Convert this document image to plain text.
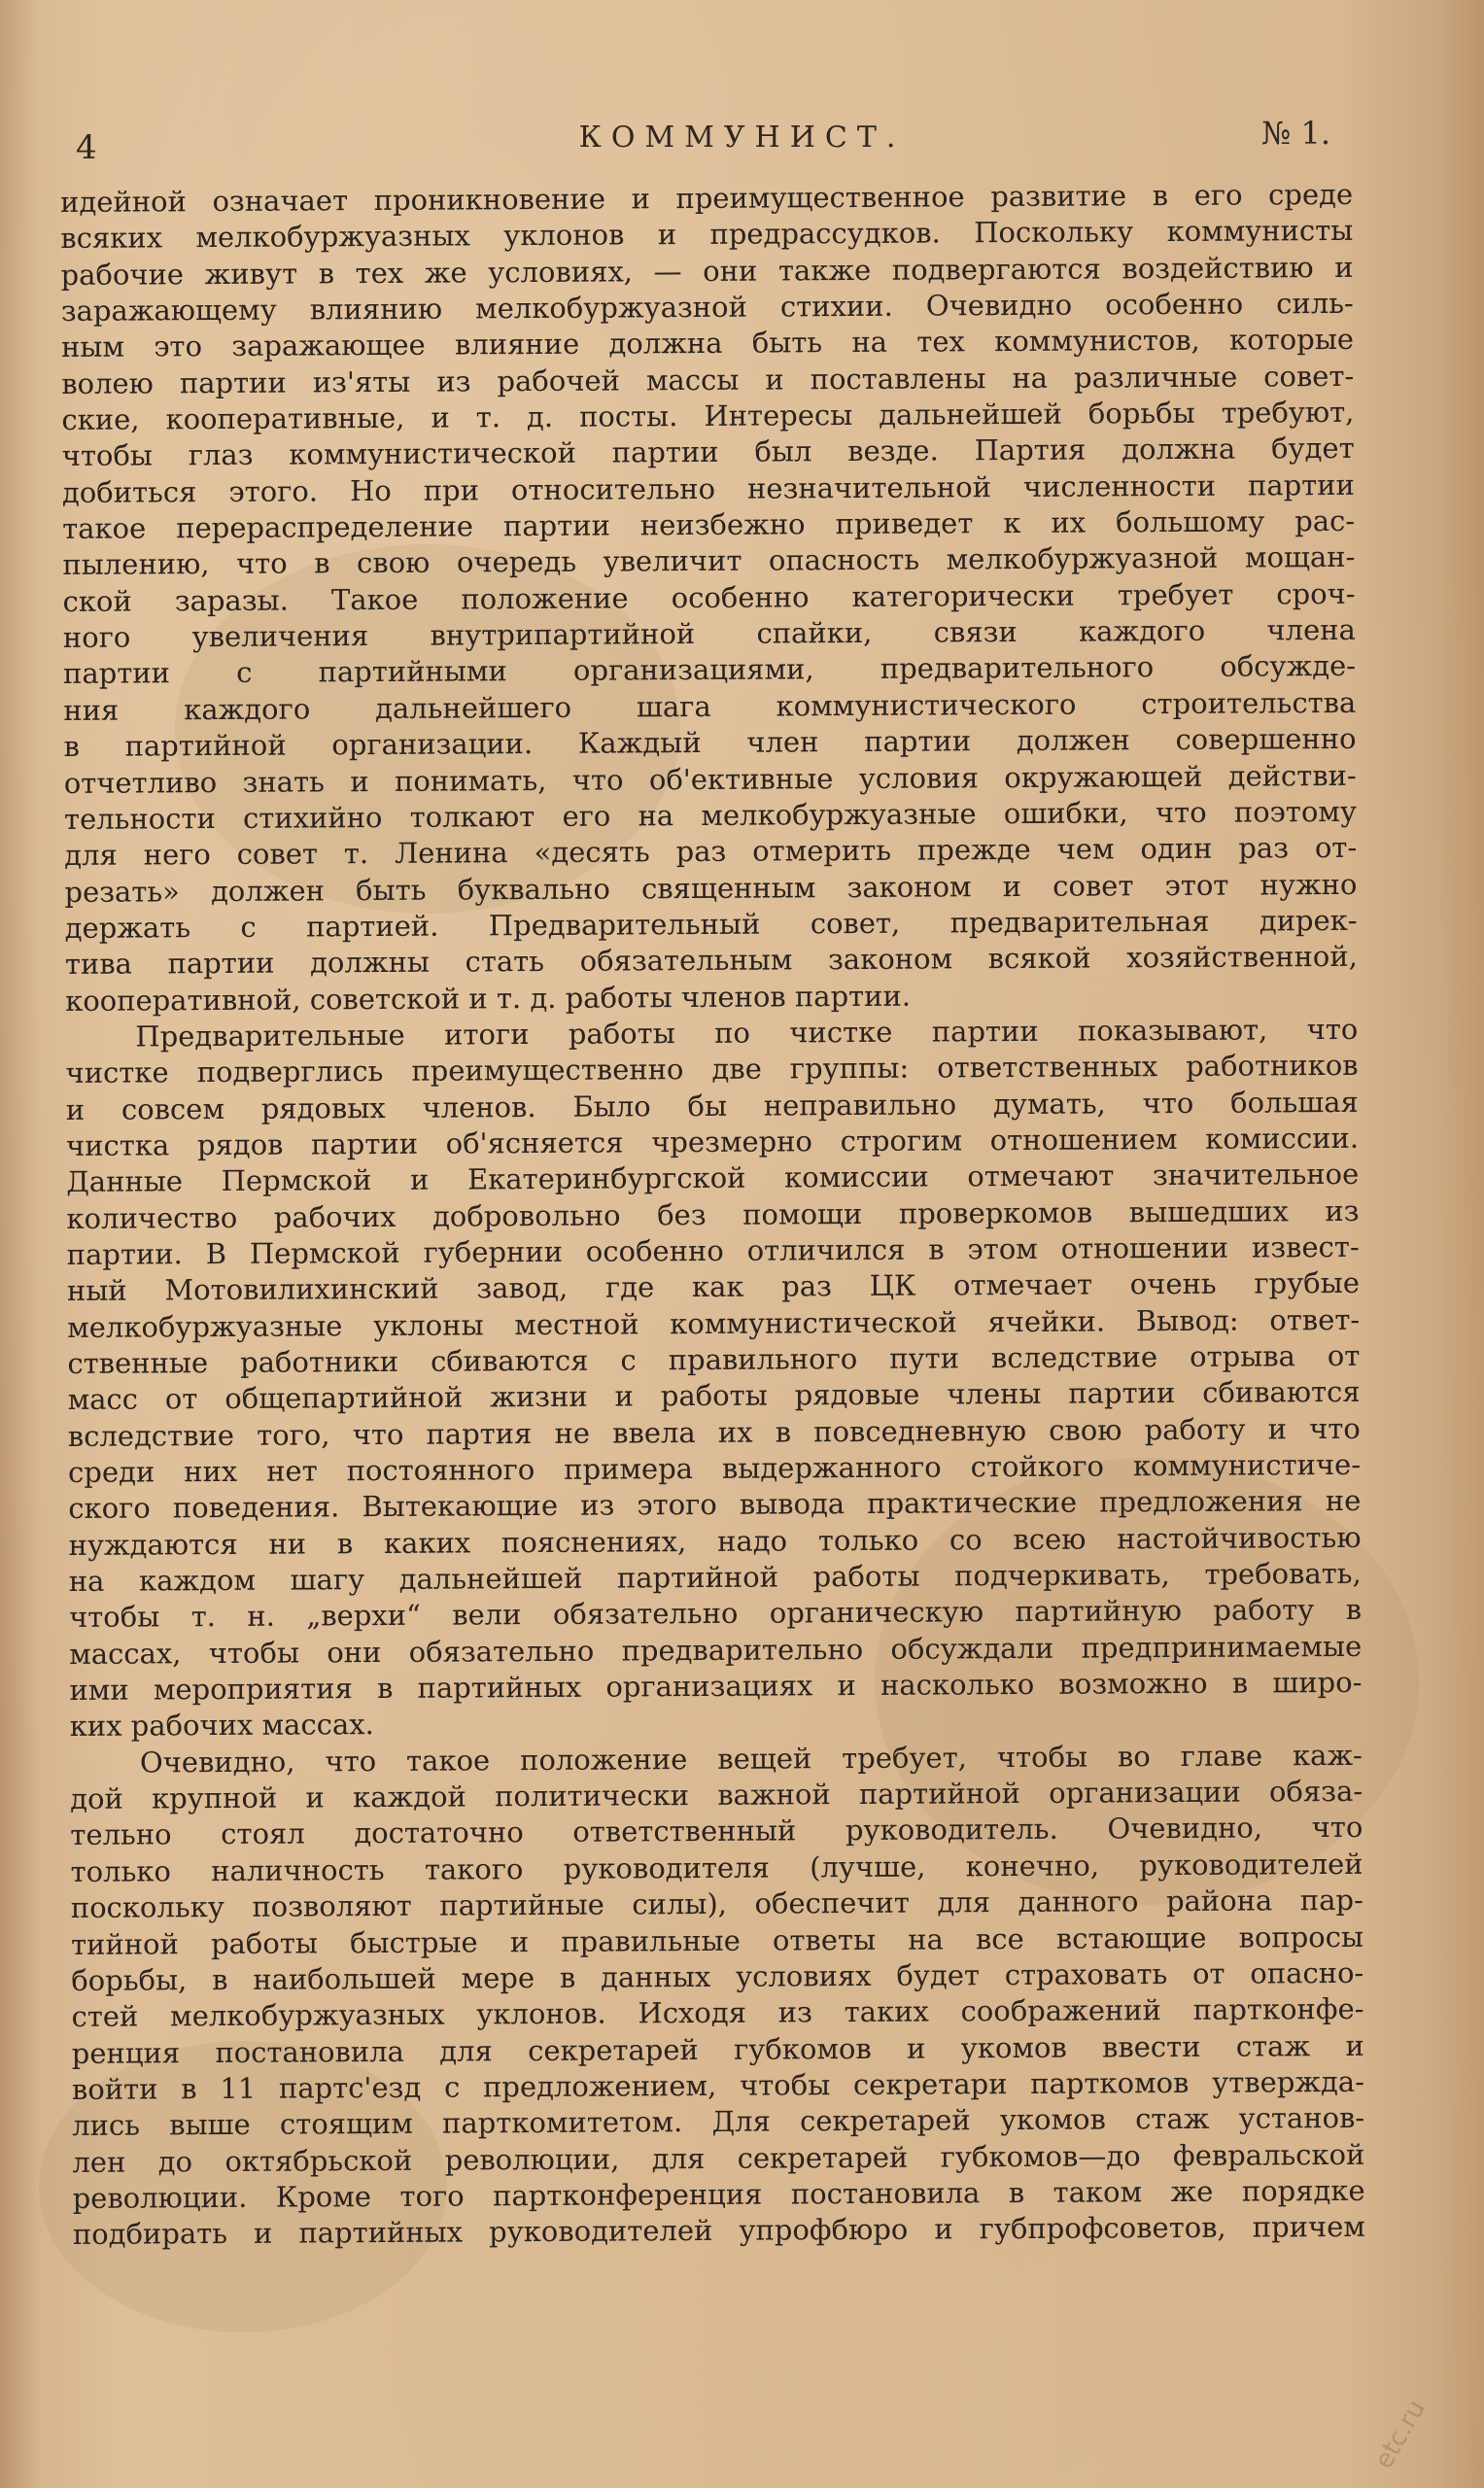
4	КОММУНИСТ.	№ 1.
идейной означает проникновение и преимущественное развитие в его среде
всяких мелкобуржуазных уклонов и предрассудков. Поскольку коммунисты
рабочие живут в тех же условиях, — они также подвергаются воздействию и
заражающему влиянию мелкобуржуазной стихии. Очевидно особенно силь-
ным это заражающее влияние должна быть на тех коммунистов, которые
волею партии из'яты из рабочей массы и поставлены на различные совет-
ские, кооперативные, и т. д. посты. Интересы дальнейшей борьбы требуют,
чтобы глаз коммунистической партии был везде. Партия должна будет
добиться этого. Но при относительно незначительной численности партии
такое перераспределение партии неизбежно приведет к их большому рас-
пылению, что в свою очередь увеличит опасность мелкобуржуазной мощан-
ской заразы. Такое положение особенно категорически требует сроч-
ного увеличения внутрипартийной спайки, связи каждого члена
партии с партийными организациями, предварительного обсужде-
ния каждого дальнейшего шага коммунистического строительства
в партийной организации. Каждый член партии должен совершенно
отчетливо знать и понимать, что об'ективные условия окружающей действи-
тельности стихийно толкают его на мелкобуржуазные ошибки, что поэтому
для него совет т. Ленина «десять раз отмерить прежде чем один раз от-
резать» должен быть буквально священным законом и совет этот нужно
держать с партией. Предварительный совет, предварительная дирек-
тива партии должны стать обязательным законом всякой хозяйственной,
кооперативной, советской и т. д. работы членов партии.
Предварительные итоги работы по чистке партии показывают, что
чистке подверглись преимущественно две группы: ответственных работников
и совсем рядовых членов. Было бы неправильно думать, что большая
чистка рядов партии об'ясняется чрезмерно строгим отношением комиссии.
Данные Пермской и Екатеринбургской комиссии отмечают значительное
количество рабочих добровольно без помощи проверкомов вышедших из
партии. В Пермской губернии особенно отличился в этом отношении извест-
ный Мотовилихинский завод, где как раз ЦК отмечает очень грубые
мелкобуржуазные уклоны местной коммунистической ячейки. Вывод: ответ-
ственные работники сбиваются с правильного пути вследствие отрыва от
масс от общепартийной жизни и работы рядовые члены партии сбиваются
вследствие того, что партия не ввела их в повседневную свою работу и что
среди них нет постоянного примера выдержанного стойкого коммунистиче-
ского поведения. Вытекающие из этого вывода практические предложения не
нуждаются ни в каких пояснениях, надо только со всею настойчивостью
на каждом шагу дальнейшей партийной работы подчеркивать, требовать,
чтобы т. н. „верхи“ вели обязательно органическую партийную работу в
массах, чтобы они обязательно предварительно обсуждали предпринимаемые
ими мероприятия в партийных организациях и насколько возможно в широ-
ких рабочих массах.
Очевидно, что такое положение вещей требует, чтобы во главе каж-
дой крупной и каждой политически важной партийной организации обяза-
тельно стоял достаточно ответственный руководитель. Очевидно, что
только наличность такого руководителя (лучше, конечно, руководителей
поскольку позволяют партийные силы), обеспечит для данного района пар-
тийной работы быстрые и правильные ответы на все встающие вопросы
борьбы, в наибольшей мере в данных условиях будет страховать от опасно-
стей мелкобуржуазных уклонов. Исходя из таких соображений партконфе-
ренция постановила для секретарей губкомов и укомов ввести стаж и
войти в 11 партс'езд с предложением, чтобы секретари парткомов утвержда-
лись выше стоящим парткомитетом. Для секретарей укомов стаж установ-
лен до октябрьской революции, для секретарей губкомов—до февральской
революции. Кроме того партконференция постановила в таком же порядке
подбирать и партийных руководителей упрофбюро и губпрофсоветов, причем
etc.ru
